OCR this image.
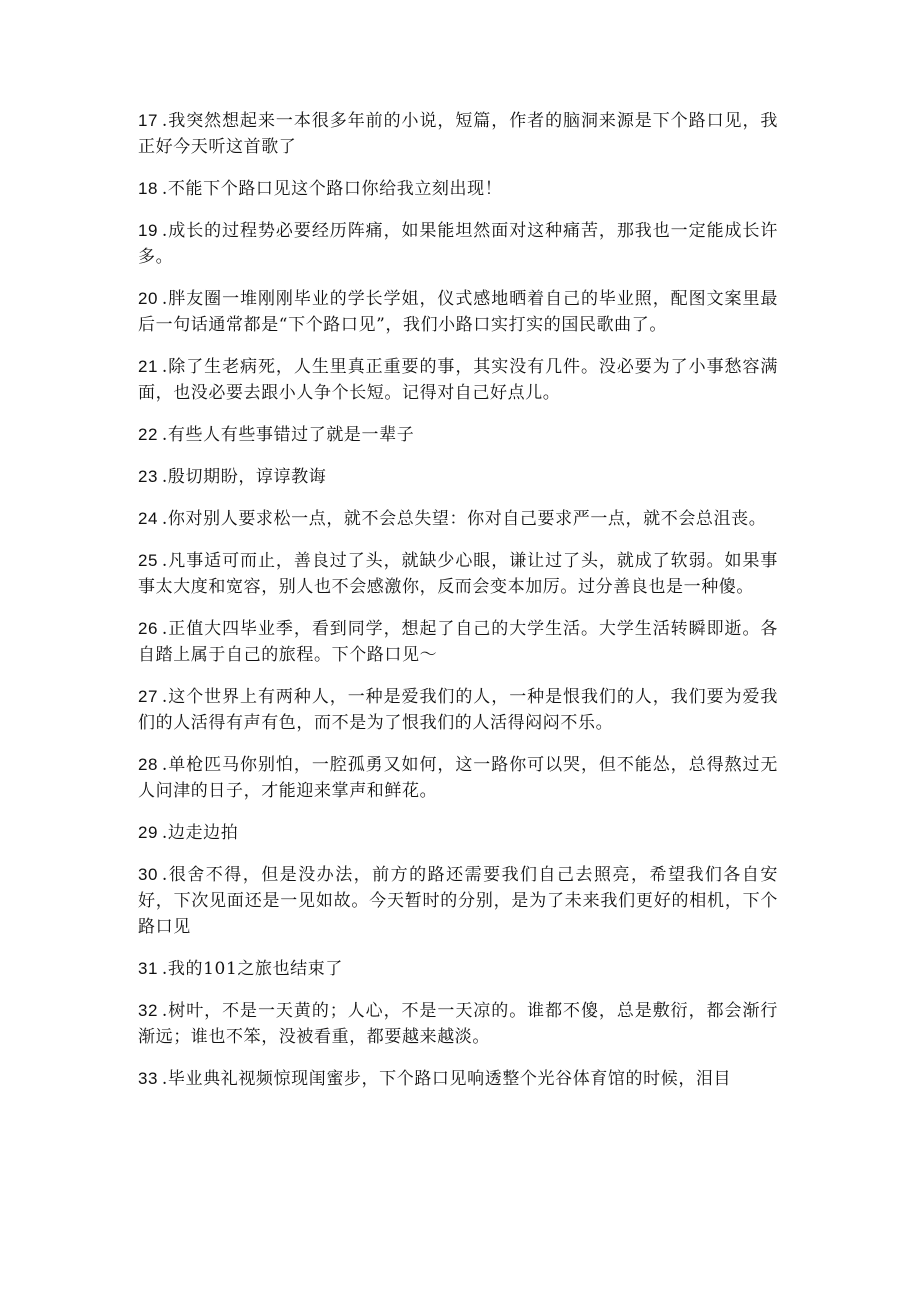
17 .我突然想起来一本很多年前的小说，短篇，作者的脑洞来源是下个路口见，我正好今天听这首歌了

18 .不能下个路口见这个路口你给我立刻出现！

19 .成长的过程势必要经历阵痛，如果能坦然面对这种痛苦，那我也一定能成长许多。

20 .胖友圈一堆刚刚毕业的学长学姐，仪式感地晒着自己的毕业照，配图文案里最后一句话通常都是“下个路口见”，我们小路口实打实的国民歌曲了。

21 .除了生老病死，人生里真正重要的事，其实没有几件。没必要为了小事愁容满面，也没必要去跟小人争个长短。记得对自己好点儿。

22 .有些人有些事错过了就是一辈子

23 .殷切期盼，谆谆教诲

24 .你对别人要求松一点，就不会总失望：你对自己要求严一点，就不会总沮丧。

25 .凡事适可而止，善良过了头，就缺少心眼，谦让过了头，就成了软弱。如果事事太大度和宽容，别人也不会感激你，反而会变本加厉。过分善良也是一种傻。

26 .正值大四毕业季，看到同学，想起了自己的大学生活。大学生活转瞬即逝。各自踏上属于自己的旅程。下个路口见～

27 .这个世界上有两种人，一种是爱我们的人，一种是恨我们的人，我们要为爱我们的人活得有声有色，而不是为了恨我们的人活得闷闷不乐。

28 .单枪匹马你别怕，一腔孤勇又如何，这一路你可以哭，但不能怂，总得熬过无人问津的日子，才能迎来掌声和鲜花。

29 .边走边拍

30 .很舍不得，但是没办法，前方的路还需要我们自己去照亮，希望我们各自安好，下次见面还是一见如故。今天暂时的分别，是为了未来我们更好的相机，下个路口见

31 .我的101之旅也结束了

32 .树叶，不是一天黄的；人心，不是一天凉的。谁都不傻，总是敷衍，都会渐行渐远；谁也不笨，没被看重，都要越来越淡。

33 .毕业典礼视频惊现闺蜜步，下个路口见响透整个光谷体育馆的时候，泪目
